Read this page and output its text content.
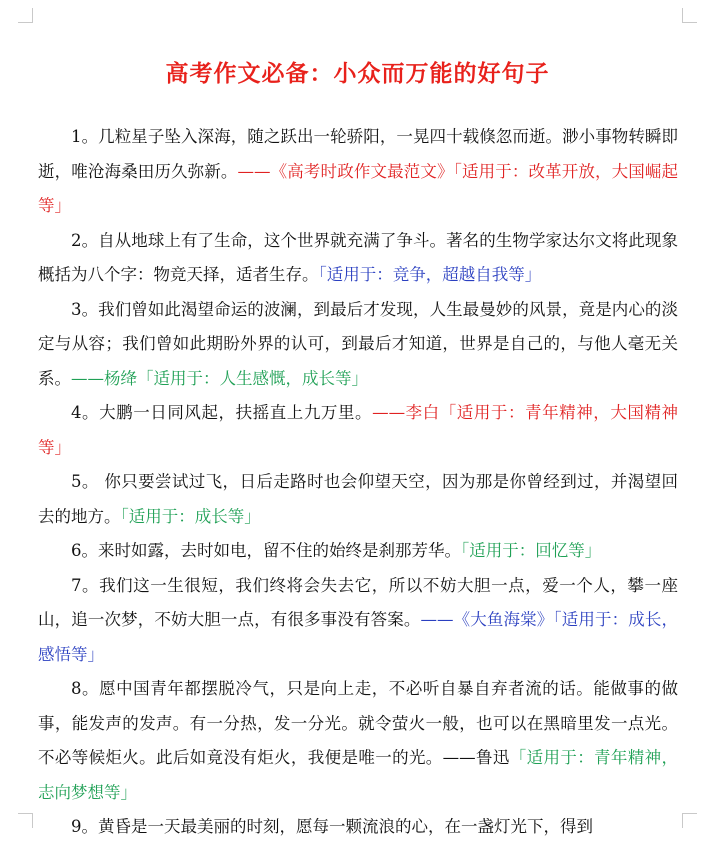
高考作文必备：小众而万能的好句子

1。几粒星子坠入深海，随之跃出一轮骄阳，一晃四十载倏忽而逝。渺小事物转瞬即逝，唯沧海桑田历久弥新。——《高考时政作文最范文》「适用于：改革开放，大国崛起等」

2。自从地球上有了生命，这个世界就充满了争斗。著名的生物学家达尔文将此现象概括为八个字：物竞天择，适者生存。「适用于：竞争，超越自我等」

3。我们曾如此渴望命运的波澜，到最后才发现，人生最曼妙的风景，竟是内心的淡定与从容；我们曾如此期盼外界的认可，到最后才知道，世界是自己的，与他人毫无关系。——杨绛「适用于：人生感慨，成长等」

4。大鹏一日同风起，扶摇直上九万里。——李白「适用于：青年精神，大国精神等」

5。 你只要尝试过飞，日后走路时也会仰望天空，因为那是你曾经到过，并渴望回去的地方。「适用于：成长等」

6。来时如露，去时如电，留不住的始终是刹那芳华。「适用于：回忆等」

7。我们这一生很短，我们终将会失去它，所以不妨大胆一点，爱一个人，攀一座山，追一次梦，不妨大胆一点，有很多事没有答案。——《大鱼海棠》「适用于：成长，感悟等」

8。愿中国青年都摆脱冷气，只是向上走，不必听自暴自弃者流的话。能做事的做事，能发声的发声。有一分热，发一分光。就令萤火一般，也可以在黑暗里发一点光。不必等候炬火。此后如竟没有炬火，我便是唯一的光。——鲁迅「适用于：青年精神，志向梦想等」

9。黄昏是一天最美丽的时刻，愿每一颗流浪的心，在一盏灯光下，得到
